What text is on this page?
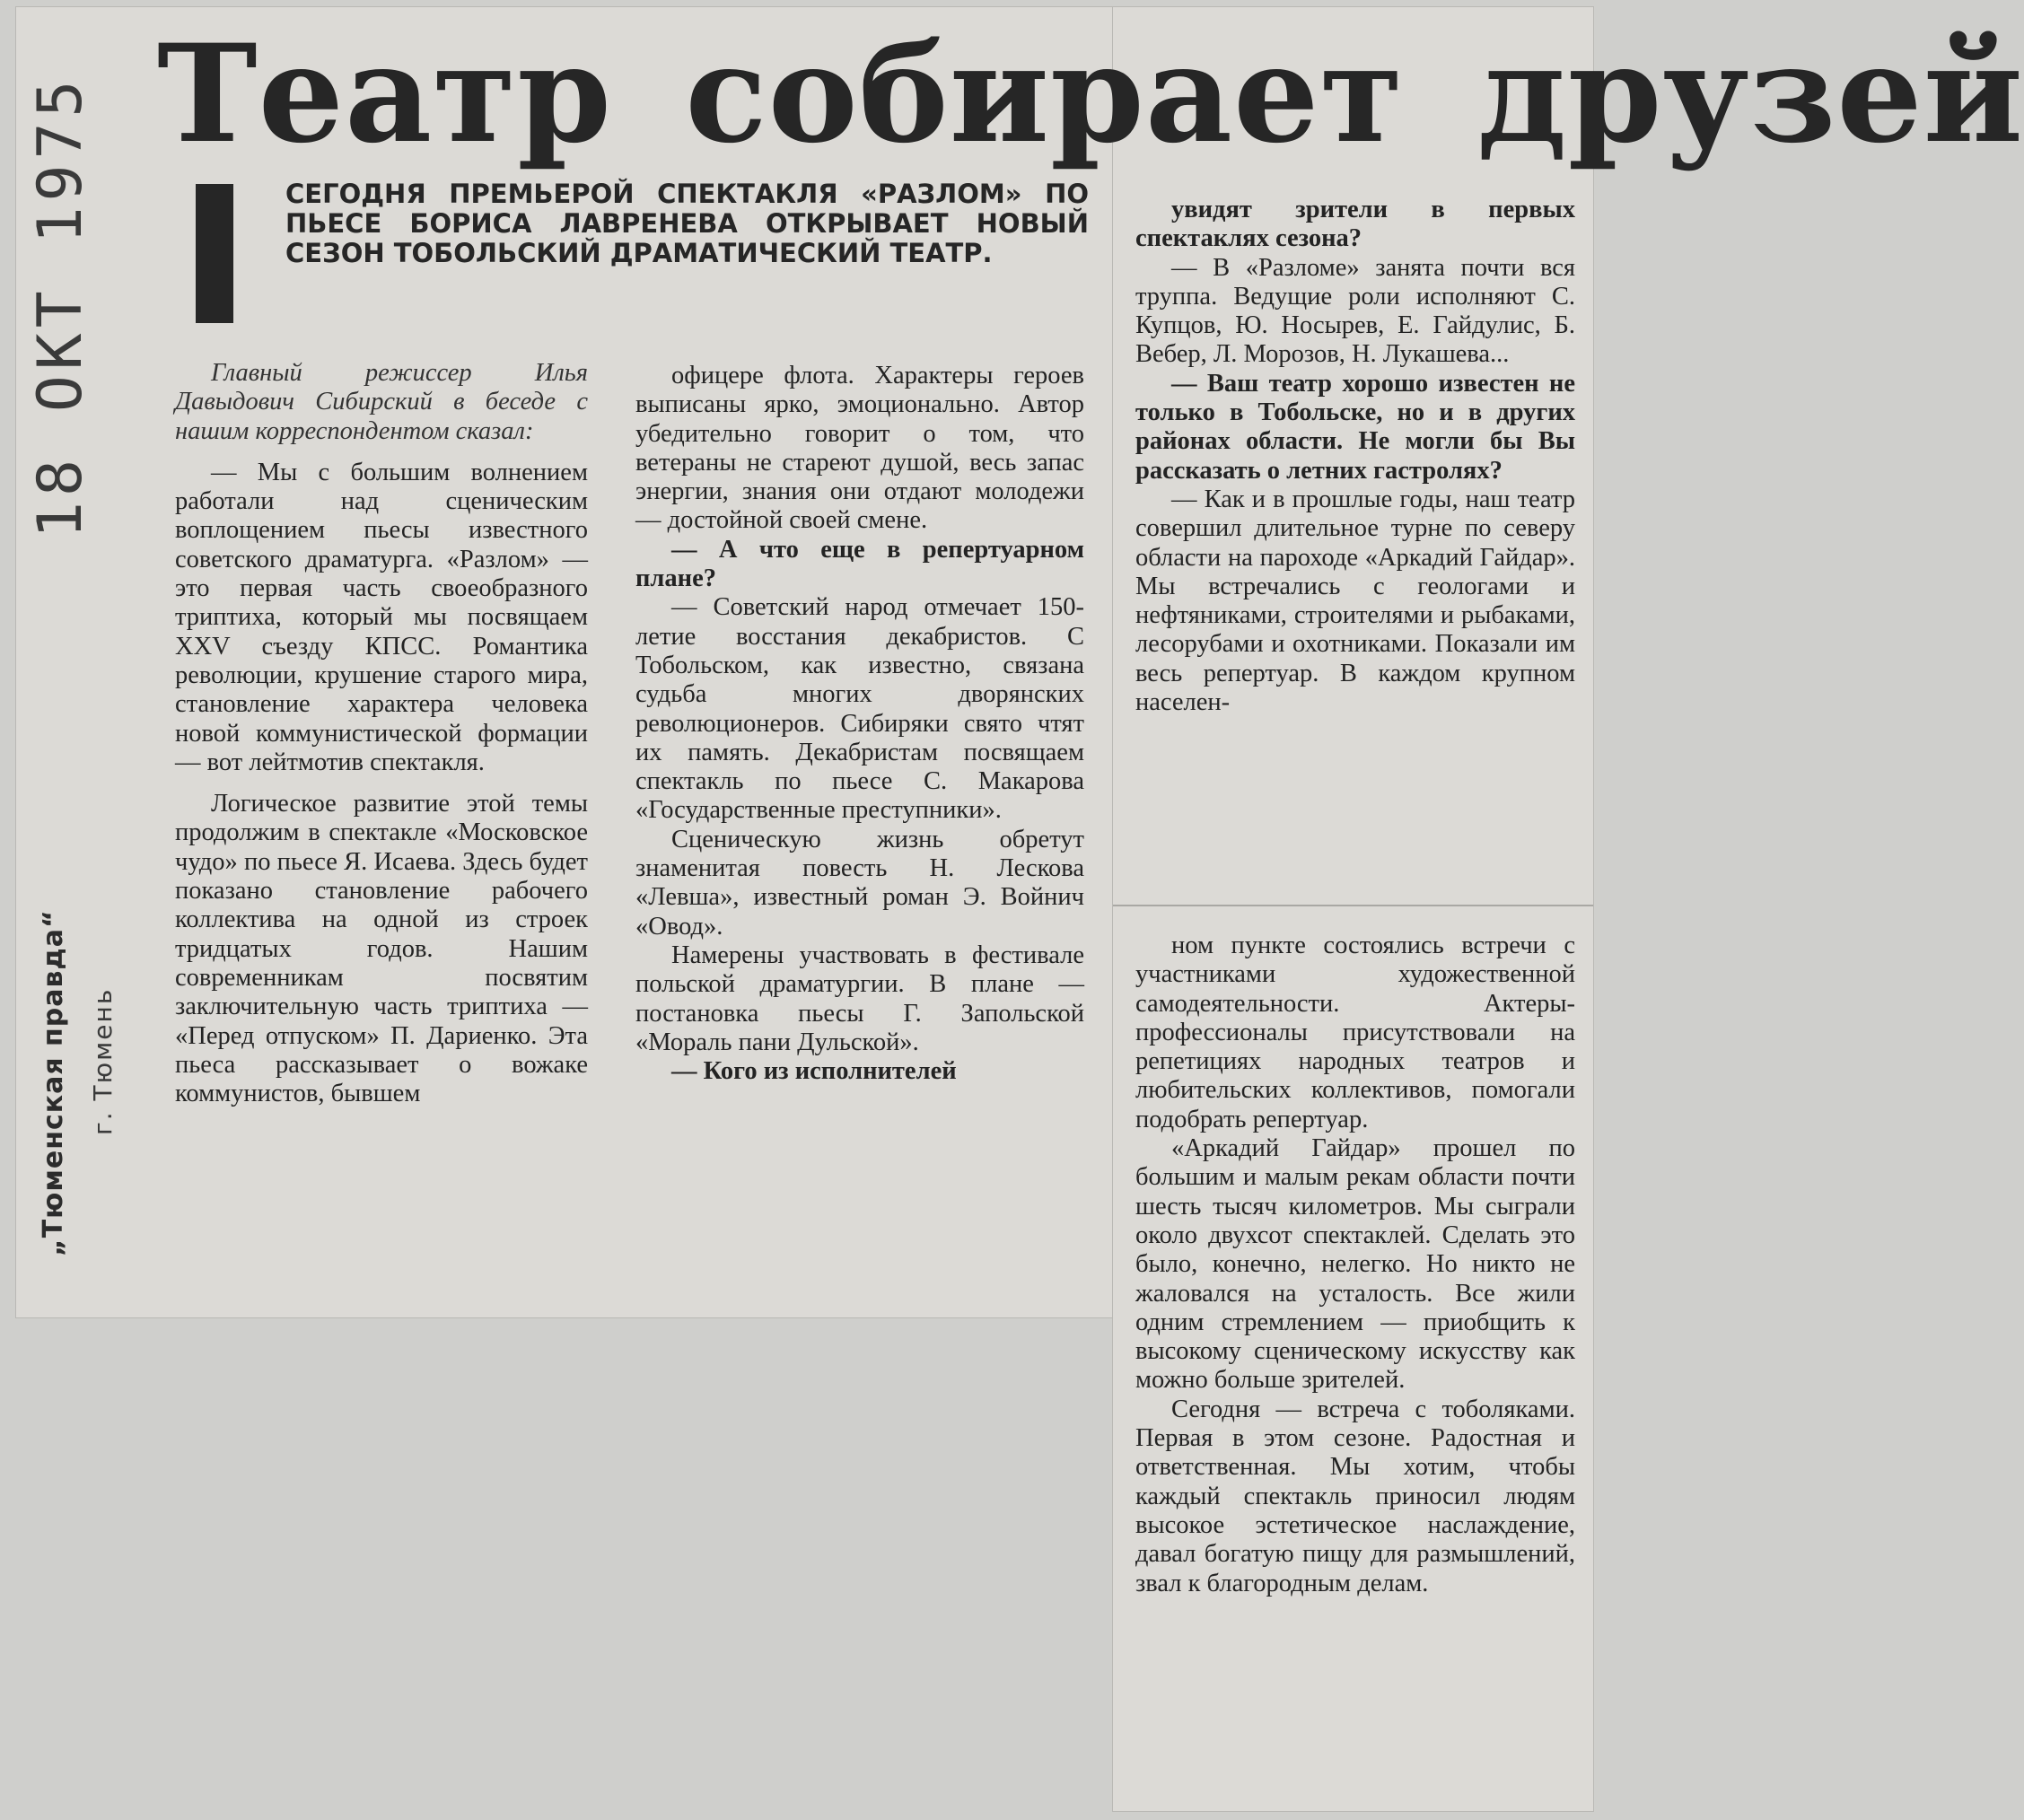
Театр собирает друзей
18 ОКТ 1975
„Тюменская правда“ г. Тюмень
СЕГОДНЯ ПРЕМЬЕРОЙ СПЕКТАКЛЯ «РАЗЛОМ» ПО ПЬЕСЕ БОРИСА ЛАВРЕНЕВА ОТКРЫВАЕТ НОВЫЙ СЕЗОН ТОБОЛЬСКИЙ ДРАМАТИЧЕСКИЙ ТЕАТР.

Главный режиссер Илья Давыдович Сибирский в беседе с нашим корреспондентом сказал:

— Мы с большим волнением работали над сценическим воплощением пьесы известного советского драматурга. «Разлом» — это первая часть своеобразного триптиха, который мы посвящаем XXV съезду КПСС. Романтика революции, крушение старого мира, становление характера человека новой коммунистической формации — вот лейтмотив спектакля.

Логическое развитие этой темы продолжим в спектакле «Московское чудо» по пьесе Я. Исаева. Здесь будет показано становление рабочего коллектива на одной из строек тридцатых годов. Нашим современникам посвятим заключительную часть триптиха — «Перед отпуском» П. Дариенко. Эта пьеса рассказывает о вожаке коммунистов, бывшем

офицере флота. Характеры героев выписаны ярко, эмоционально. Автор убедительно говорит о том, что ветераны не стареют душой, весь запас энергии, знания они отдают молодежи — достойной своей смене.

— А что еще в репертуарном плане?

— Советский народ отмечает 150-летие восстания декабристов. С Тобольском, как известно, связана судьба многих дворянских революционеров. Сибиряки свято чтят их память. Декабристам посвящаем спектакль по пьесе С. Макарова «Государственные преступники».

Сценическую жизнь обретут знаменитая повесть Н. Лескова «Левша», известный роман Э. Войнич «Овод».

Намерены участвовать в фестивале польской драматургии. В плане — постановка пьесы Г. Запольской «Мораль пани Дульской».

— Кого из исполнителей

увидят зрители в первых спектаклях сезона?

— В «Разломе» занята почти вся труппа. Ведущие роли исполняют С. Купцов, Ю. Носырев, Е. Гайдулис, Б. Вебер, Л. Морозов, Н. Лукашева...

— Ваш театр хорошо известен не только в Тобольске, но и в других районах области. Не могли бы Вы рассказать о летних гастролях?

— Как и в прошлые годы, наш театр совершил длительное турне по северу области на пароходе «Аркадий Гайдар». Мы встречались с геологами и нефтяниками, строителями и рыбаками, лесорубами и охотниками. Показали им весь репертуар. В каждом крупном населен-

ном пункте состоялись встречи с участниками художественной самодеятельности. Актеры-профессионалы присутствовали на репетициях народных театров и любительских коллективов, помогали подобрать репертуар.

«Аркадий Гайдар» прошел по большим и малым рекам области почти шесть тысяч километров. Мы сыграли около двухсот спектаклей. Сделать это было, конечно, нелегко. Но никто не жаловался на усталость. Все жили одним стремлением — приобщить к высокому сценическому искусству как можно больше зрителей.

Сегодня — встреча с тоболяками. Первая в этом сезоне. Радостная и ответственная. Мы хотим, чтобы каждый спектакль приносил людям высокое эстетическое наслаждение, давал богатую пищу для размышлений, звал к благородным делам.
